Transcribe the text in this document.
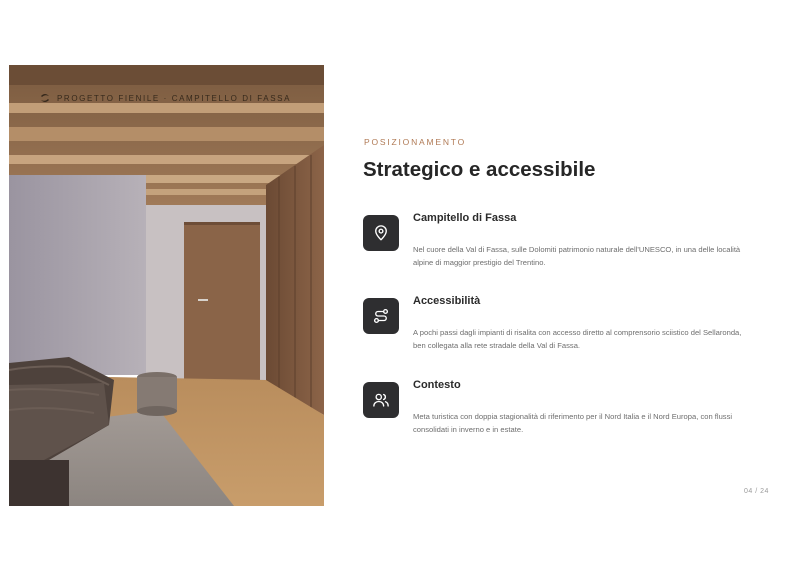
PROGETTO FIENILE · CAMPITELLO DI FASSA
POSIZIONAMENTO
Strategico e accessibile
Campitello di Fassa

Nel cuore della Val di Fassa, sulle Dolomiti patrimonio naturale dell'UNESCO, in una delle località alpine di maggior prestigio del Trentino.

Accessibilità

A pochi passi dagli impianti di risalita con accesso diretto al comprensorio sciistico del Sellaronda, ben collegata alla rete stradale della Val di Fassa.

Contesto

Meta turistica con doppia stagionalità di riferimento per il Nord Italia e il Nord Europa, con flussi consolidati in inverno e in estate.

04 / 24
